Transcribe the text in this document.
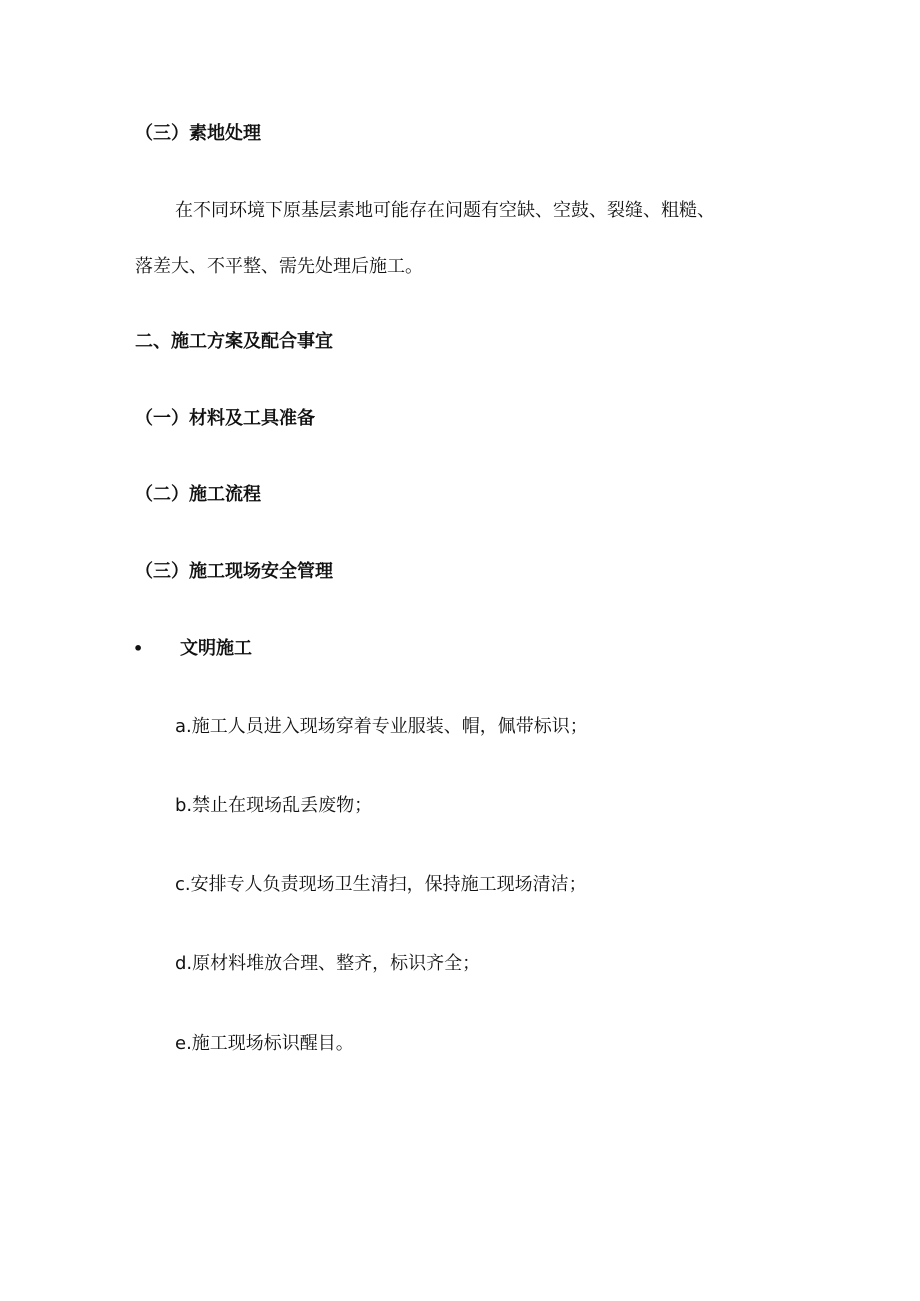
（三）素地处理
在不同环境下原基层素地可能存在问题有空缺、空鼓、裂缝、粗糙、
落差大、不平整、需先处理后施工。
二、施工方案及配合事宜
（一）材料及工具准备
（二）施工流程
（三）施工现场安全管理
• 文明施工
a.施工人员进入现场穿着专业服装、帽，佩带标识；
b.禁止在现场乱丢废物；
c.安排专人负责现场卫生清扫，保持施工现场清洁；
d.原材料堆放合理、整齐，标识齐全；
e.施工现场标识醒目。
